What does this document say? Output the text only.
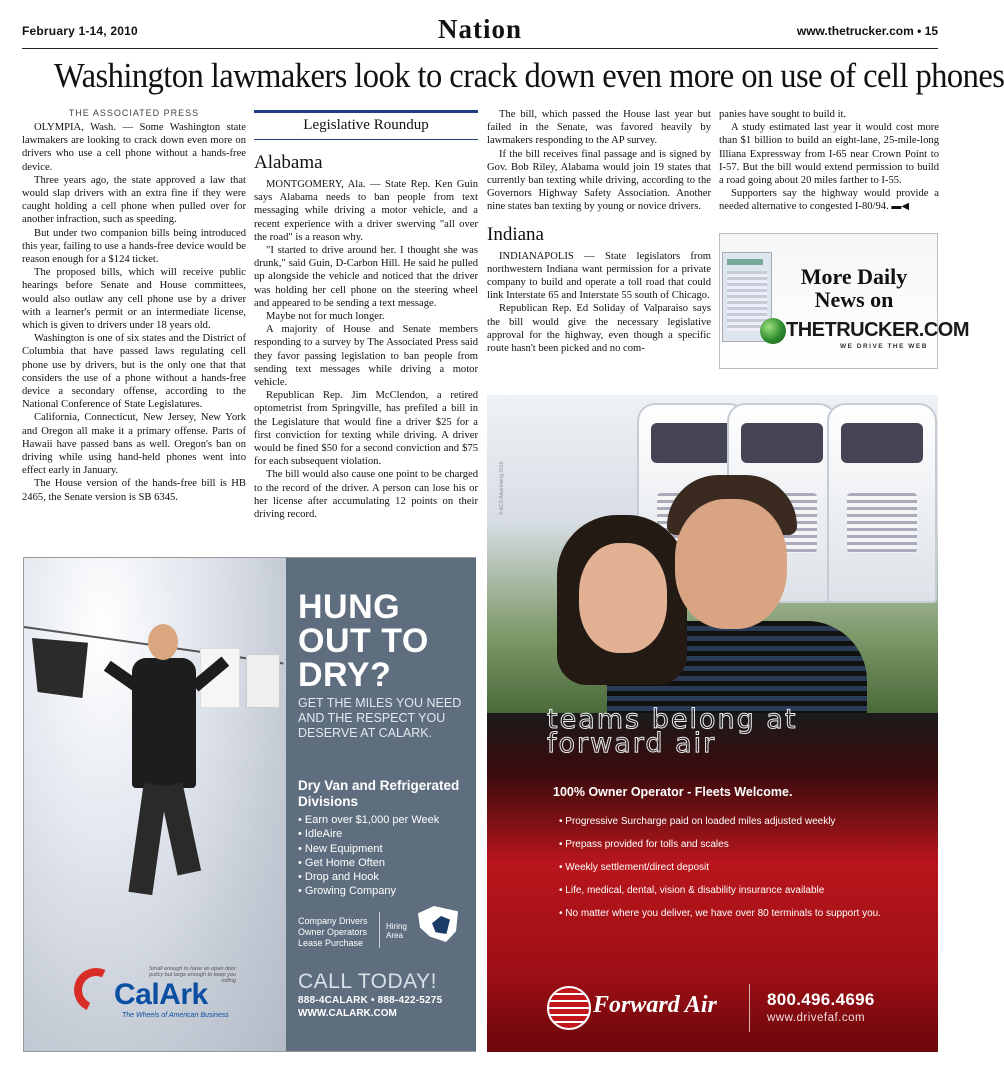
February 1-14, 2010	Nation	www.thetrucker.com • 15
Washington lawmakers look to crack down even more on use of cell phones
THE ASSOCIATED PRESS

OLYMPIA, Wash. — Some Washington state lawmakers are looking to crack down even more on drivers who use a cell phone without a hands-free device.

Three years ago, the state approved a law that would slap drivers with an extra fine if they were caught holding a cell phone when pulled over for another infraction, such as speeding.

But under two companion bills being introduced this year, failing to use a hands-free device would be reason enough for a $124 ticket.

The proposed bills, which will receive public hearings before Senate and House committees, would also outlaw any cell phone use by a driver with a learner's permit or an intermediate license, which is given to drivers under 18 years old.

Washington is one of six states and the District of Columbia that have passed laws regulating cell phone use by drivers, but is the only one that that considers the use of a phone without a hands-free device a secondary offense, according to the National Conference of State Legislatures.

California, Connecticut, New Jersey, New York and Oregon all make it a primary offense. Parts of Hawaii have passed bans as well. Oregon's ban on driving while using hand-held phones went into effect early in January.

The House version of the hands-free bill is HB 2465, the Senate version is SB 6345.

Legislative Roundup
Alabama

MONTGOMERY, Ala. — State Rep. Ken Guin says Alabama needs to ban people from text messaging while driving a motor vehicle, and a recent experience with a driver swerving "all over the road" is a reason why.

"I started to drive around her. I thought she was drunk," said Guin, D-Carbon Hill. He said he pulled up alongside the vehicle and noticed that the driver was holding her cell phone on the steering wheel and appeared to be sending a text message.

Maybe not for much longer.

A majority of House and Senate members responding to a survey by The Associated Press said they favor passing legislation to ban people from sending text messages while driving a motor vehicle.

Republican Rep. Jim McClendon, a retired optometrist from Springville, has prefiled a bill in the Legislature that would fine a driver $25 for a first conviction for texting while driving. A driver would be fined $50 for a second conviction and $75 for each subsequent violation.

The bill would also cause one point to be charged to the record of the driver. A person can lose his or her license after accumulating 12 points on their driving record.

The bill, which passed the House last year but failed in the Senate, was favored heavily by lawmakers responding to the AP survey.

If the bill receives final passage and is signed by Gov. Bob Riley, Alabama would join 19 states that currently ban texting while driving, according to the Governors Highway Safety Association. Another nine states ban texting by young or novice drivers.

Indiana

INDIANAPOLIS — State legislators from northwestern Indiana want permission for a private company to build and operate a toll road that could link Interstate 65 and Interstate 55 south of Chicago.

Republican Rep. Ed Soliday of Valparaiso says the bill would give the necessary legislative approval for the highway, even though a specific route hasn't been picked and no com-

panies have sought to build it.

A study estimated last year it would cost more than $1 billion to build an eight-lane, 25-mile-long Illiana Expressway from I-65 near Crown Point to I-57. But the bill would extend permission to build a road going about 20 miles farther to I-55.

Supporters say the highway would provide a needed alternative to congested I-80/94. ▬◀

More Daily
News on
THETRUCKER.COM
WE DRIVE THE WEB
Small enough to have an open door policy but large enough to keep you rolling
CalArk
The Wheels of American Business
HUNG OUT TO DRY?
GET THE MILES YOU NEED AND THE RESPECT YOU DESERVE AT CALARK.
Dry Van and Refrigerated Divisions
• Earn over $1,000 per Week
• IdleAire
• New Equipment
• Get Home Often
• Drop and Hook
• Growing Company
Company Drivers Owner Operators Lease Purchase
Hiring Area
CALL TODAY!
888-4CALARK • 888-422-5275
WWW.CALARK.COM
© ACS Advertising 2010
teams belong at
forward air
100% Owner Operator - Fleets Welcome.
• Progressive Surcharge paid on loaded miles adjusted weekly
• Prepass provided for tolls and scales
• Weekly settlement/direct deposit
• Life, medical, dental, vision & disability insurance available
• No matter where you deliver, we have over 80 terminals to support you.
Forward Air	800.496.4696
www.drivefaf.com
